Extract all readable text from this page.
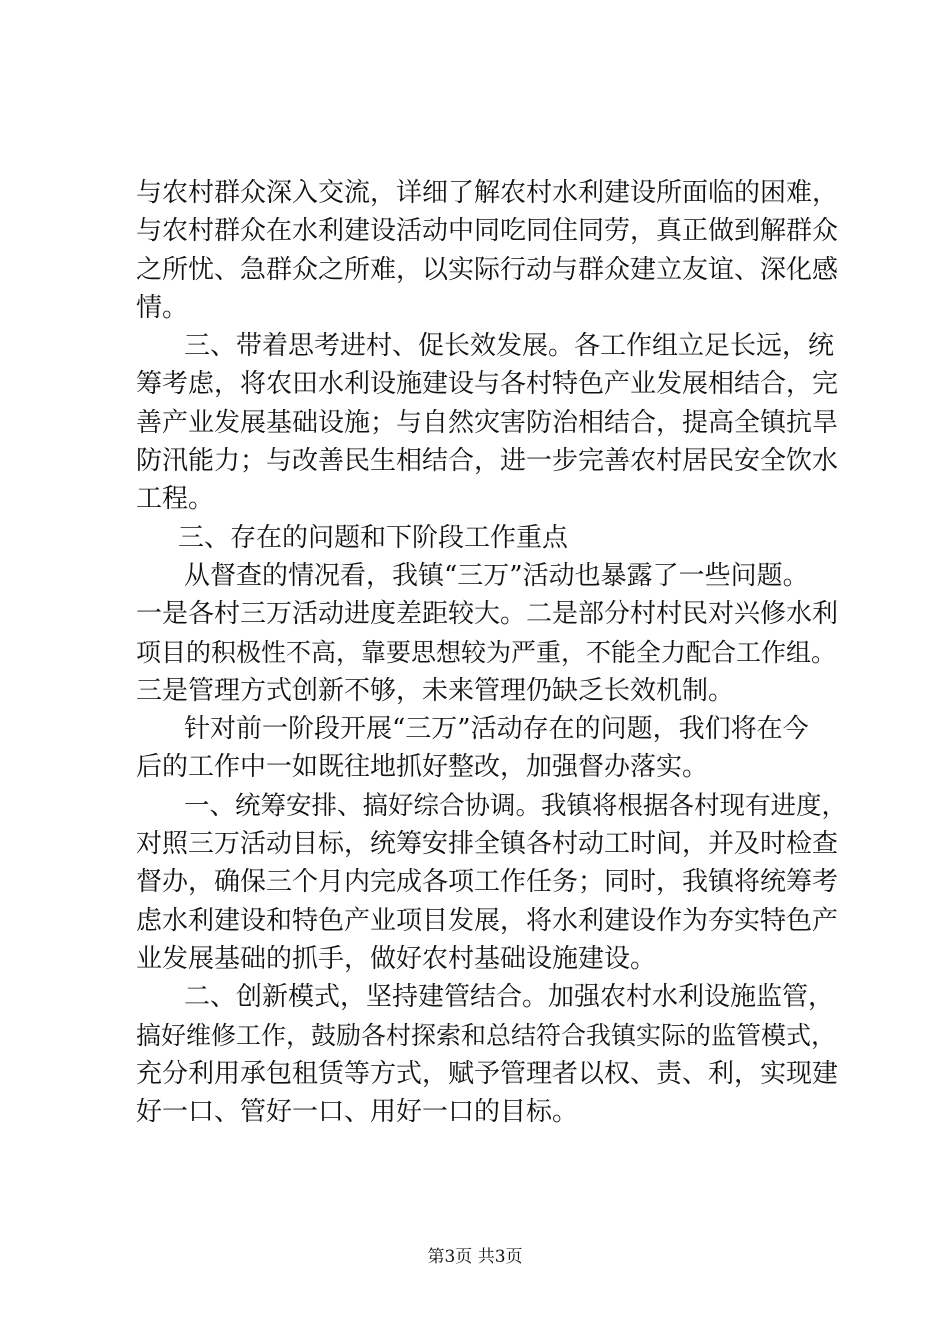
与农村群众深入交流，详细了解农村水利建设所面临的困难，
与农村群众在水利建设活动中同吃同住同劳，真正做到解群众
之所忧、急群众之所难，以实际行动与群众建立友谊、深化感
情。
三、带着思考进村、促长效发展。各工作组立足长远，统
筹考虑，将农田水利设施建设与各村特色产业发展相结合，完
善产业发展基础设施；与自然灾害防治相结合，提高全镇抗旱
防汛能力；与改善民生相结合，进一步完善农村居民安全饮水
工程。
三、存在的问题和下阶段工作重点
从督查的情况看，我镇“三万”活动也暴露了一些问题。
一是各村三万活动进度差距较大。二是部分村村民对兴修水利
项目的积极性不高，靠要思想较为严重，不能全力配合工作组。
三是管理方式创新不够，未来管理仍缺乏长效机制。
针对前一阶段开展“三万”活动存在的问题，我们将在今
后的工作中一如既往地抓好整改，加强督办落实。
一、统筹安排、搞好综合协调。我镇将根据各村现有进度，
对照三万活动目标，统筹安排全镇各村动工时间，并及时检查
督办，确保三个月内完成各项工作任务；同时，我镇将统筹考
虑水利建设和特色产业项目发展，将水利建设作为夯实特色产
业发展基础的抓手，做好农村基础设施建设。
二、创新模式，坚持建管结合。加强农村水利设施监管，
搞好维修工作，鼓励各村探索和总结符合我镇实际的监管模式，
充分利用承包租赁等方式，赋予管理者以权、责、利，实现建
好一口、管好一口、用好一口的目标。
第3页 共3页
